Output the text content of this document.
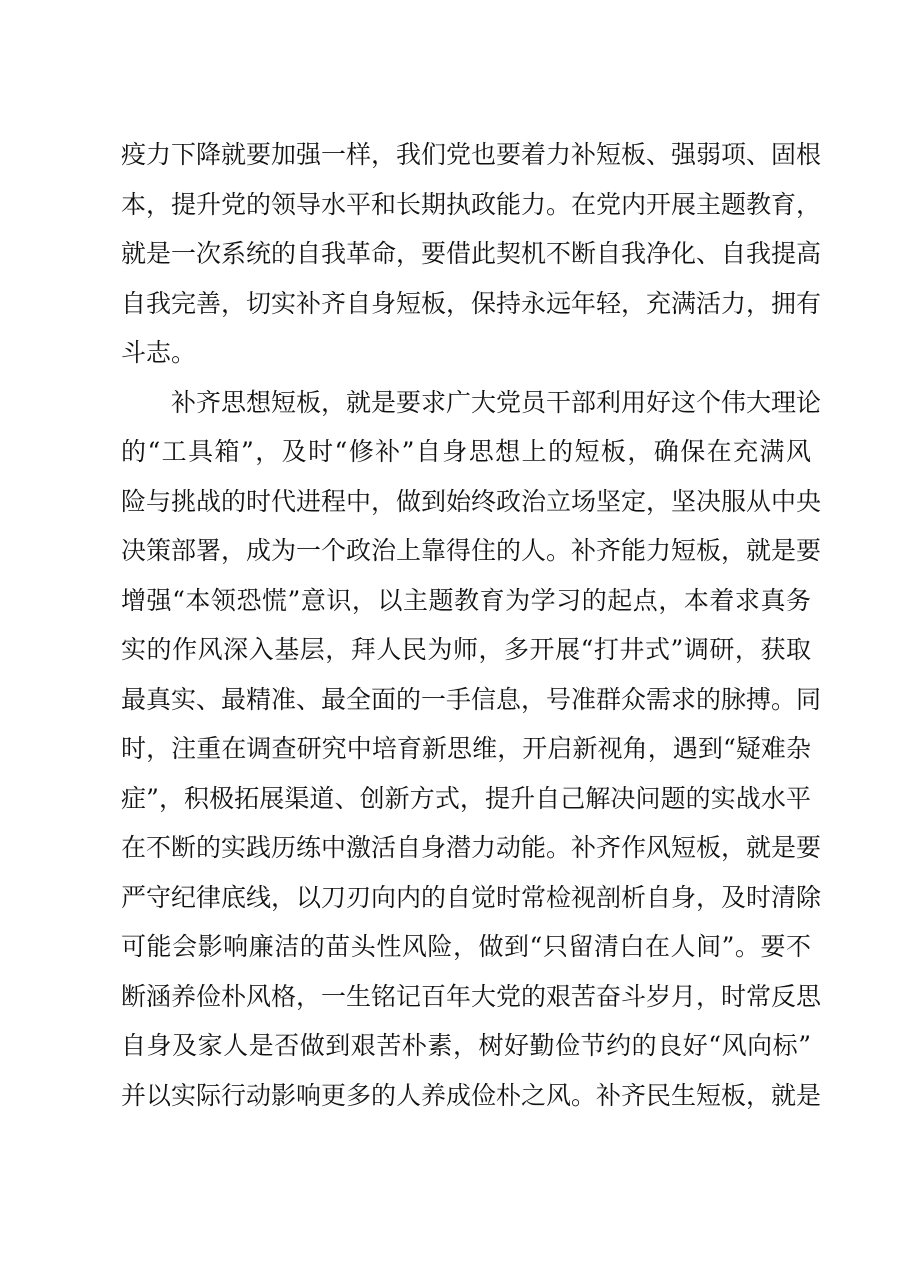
疫力下降就要加强一样，我们党也要着力补短板、强弱项、固根
本，提升党的领导水平和长期执政能力。在党内开展主题教育，
就是一次系统的自我革命，要借此契机不断自我净化、自我提高
自我完善，切实补齐自身短板，保持永远年轻，充满活力，拥有
斗志。
补齐思想短板，就是要求广大党员干部利用好这个伟大理论
的“工具箱”，及时“修补”自身思想上的短板，确保在充满风
险与挑战的时代进程中，做到始终政治立场坚定，坚决服从中央
决策部署，成为一个政治上靠得住的人。补齐能力短板，就是要
增强“本领恐慌”意识，以主题教育为学习的起点，本着求真务
实的作风深入基层，拜人民为师，多开展“打井式”调研，获取
最真实、最精准、最全面的一手信息，号准群众需求的脉搏。同
时，注重在调查研究中培育新思维，开启新视角，遇到“疑难杂
症”，积极拓展渠道、创新方式，提升自己解决问题的实战水平
在不断的实践历练中激活自身潜力动能。补齐作风短板，就是要
严守纪律底线，以刀刃向内的自觉时常检视剖析自身，及时清除
可能会影响廉洁的苗头性风险，做到“只留清白在人间”。要不
断涵养俭朴风格，一生铭记百年大党的艰苦奋斗岁月，时常反思
自身及家人是否做到艰苦朴素，树好勤俭节约的良好“风向标”
并以实际行动影响更多的人养成俭朴之风。补齐民生短板，就是
